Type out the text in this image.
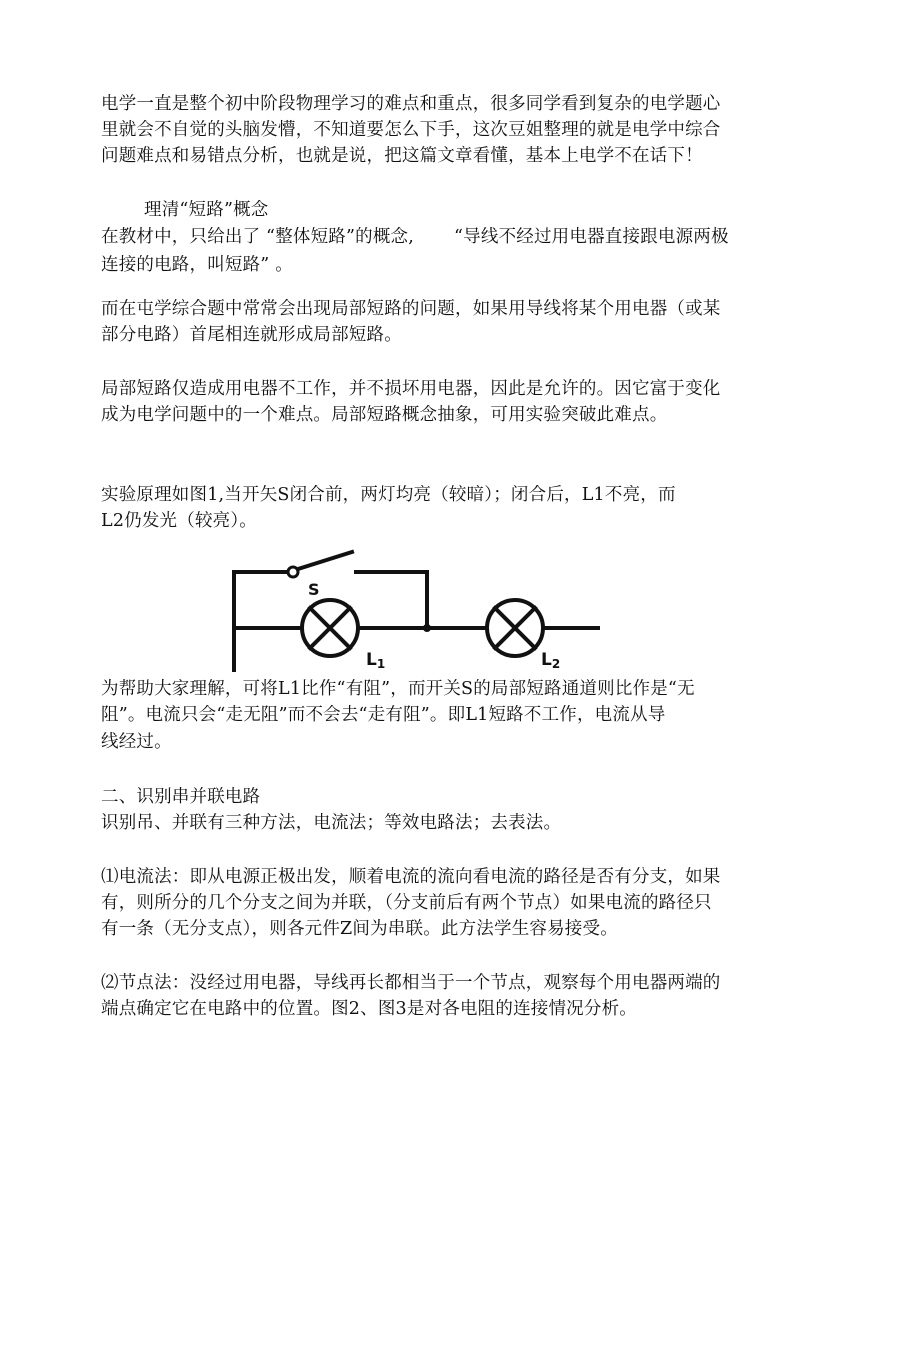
电学一直是整个初中阶段物理学习的难点和重点，很多同学看到复杂的电学题心
里就会不自觉的头脑发懵，不知道要怎么下手，这次豆姐整理的就是电学中综合
问题难点和易错点分析，也就是说，把这篇文章看懂，基本上电学不在话下！
理清“短路”概念
在教材中，只给出了 “整体短路”的概念, “导线不经过用电器直接跟电源两极
连接的电路，叫短路” 。
而在屯学综合题中常常会出现局部短路的问题，如果用导线将某个用电器（或某
部分电路）首尾相连就形成局部短路。
局部短路仅造成用电器不工作，并不损坏用电器，因此是允许的。因它富于变化
成为电学问题中的一个难点。局部短路概念抽象，可用实验突破此难点。
实验原理如图1,当开矢S闭合前，两灯均亮（较暗）；闭合后，L1不亮，而
L2仍发光（较亮）。
S
L1	L2
为帮助大家理解，可将L1比作“有阻”，而开关S的局部短路通道则比作是“无
阻”。电流只会“走无阻”而不会去“走有阻”。即L1短路不工作，电流从导
线经过。
二、识别串并联电路
识别吊、并联有三种方法，电流法；等效电路法；去表法。
⑴电流法：即从电源正极出发，顺着电流的流向看电流的路径是否有分支，如果
有，则所分的几个分支之间为并联，（分支前后有两个节点）如果电流的路径只
有一条（无分支点），则各元件Z间为串联。此方法学生容易接受。
⑵节点法：没经过用电器，导线再长都相当于一个节点，观察每个用电器两端的
端点确定它在电路中的位置。图2、图3是对各电阻的连接情况分析。
